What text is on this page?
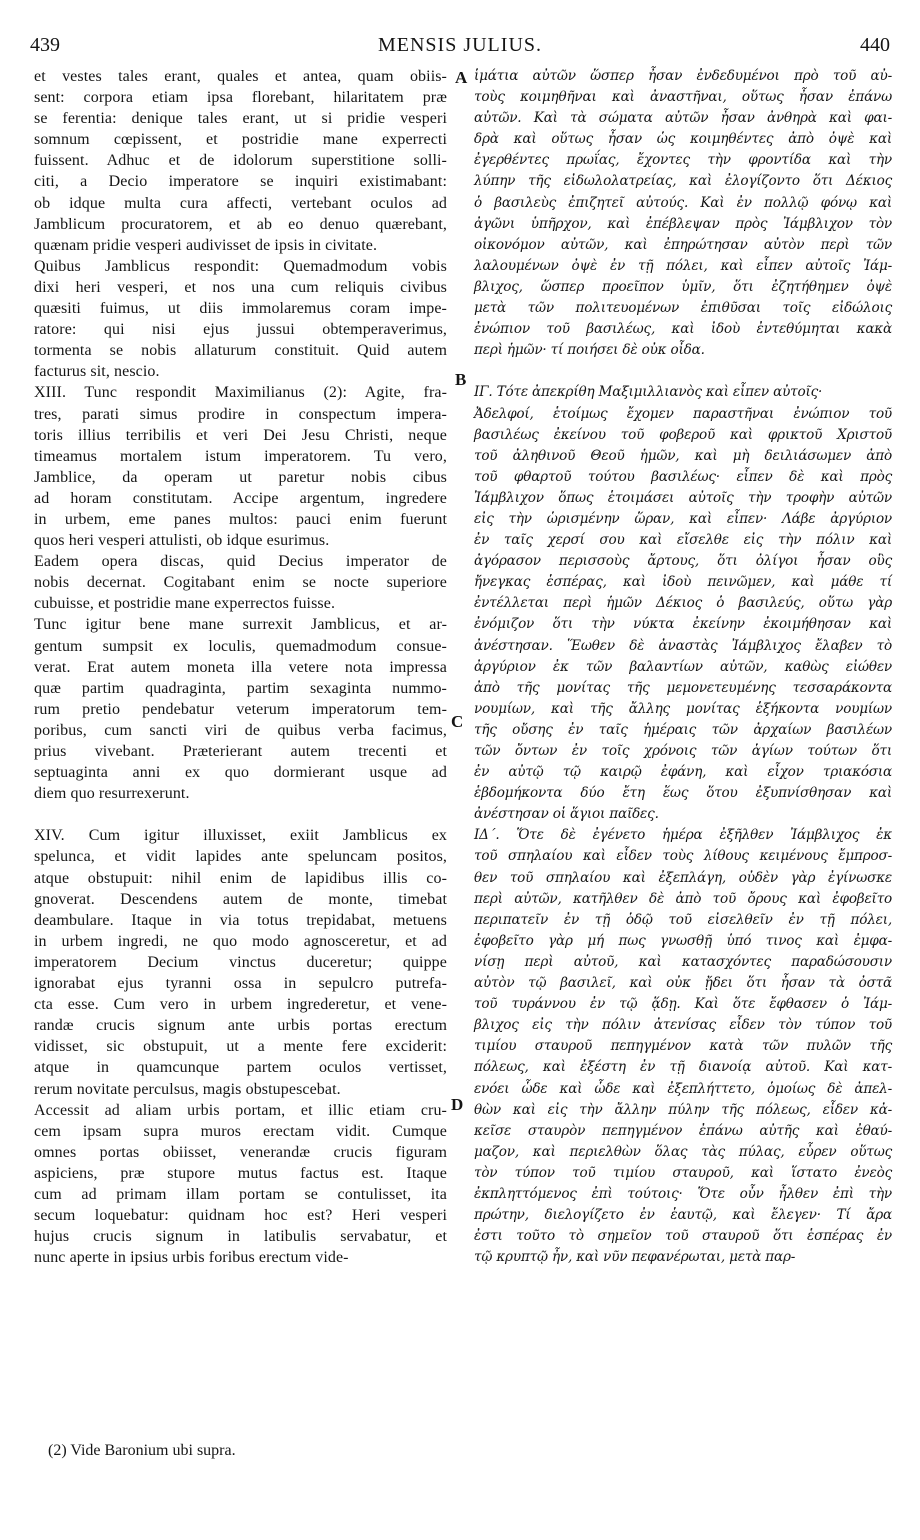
439	MENSIS JULIUS.	440
et vestes tales erant, quales et antea, quam obiis-
sent: corpora etiam ipsa florebant, hilaritatem præ
se ferentia: denique tales erant, ut si pridie vesperi
somnum cœpissent, et postridie mane experrecti
fuissent. Adhuc et de idolorum superstitione solli-
citi, a Decio imperatore se inquiri existimabant:
ob idque multa cura affecti, vertebant oculos ad
Jamblicum procuratorem, et ab eo denuo quærebant,
quænam pridie vesperi audivisset de ipsis in civitate.
Quibus Jamblicus respondit: Quemadmodum vobis
dixi heri vesperi, et nos una cum reliquis civibus
quæsiti fuimus, ut diis immolaremus coram impe-
ratore: qui nisi ejus jussui obtemperaverimus,
tormenta se nobis allaturum constituit. Quid autem
facturus sit, nescio.
XIII. Tunc respondit Maximilianus (2): Agite, fra-
tres, parati simus prodire in conspectum impera-
toris illius terribilis et veri Dei Jesu Christi, neque
timeamus mortalem istum imperatorem. Tu vero,
Jamblice, da operam ut paretur nobis cibus
ad horam constitutam. Accipe argentum, ingredere
in urbem, eme panes multos: pauci enim fuerunt
quos heri vesperi attulisti, ob idque esurimus.
Eadem opera discas, quid Decius imperator de
nobis decernat. Cogitabant enim se nocte superiore
cubuisse, et postridie mane experrectos fuisse.
Tunc igitur bene mane surrexit Jamblicus, et ar-
gentum sumpsit ex loculis, quemadmodum consue-
verat. Erat autem moneta illa vetere nota impressa
quæ partim quadraginta, partim sexaginta nummo-
rum pretio pendebatur veterum imperatorum tem-
poribus, cum sancti viri de quibus verba facimus,
prius vivebant. Præterierant autem trecenti et
septuaginta anni ex quo dormierant usque ad
diem quo resurrexerunt.
XIV. Cum igitur illuxisset, exiit Jamblicus ex
spelunca, et vidit lapides ante speluncam positos,
atque obstupuit: nihil enim de lapidibus illis co-
gnoverat. Descendens autem de monte, timebat
deambulare. Itaque in via totus trepidabat, metuens
in urbem ingredi, ne quo modo agnosceretur, et ad
imperatorem Decium vinctus duceretur; quippe
ignorabat ejus tyranni ossa in sepulcro putrefa-
cta esse. Cum vero in urbem ingrederetur, et vene-
randæ crucis signum ante urbis portas erectum
vidisset, sic obstupuit, ut a mente fere exciderit:
atque in quamcunque partem oculos vertisset,
rerum novitate perculsus, magis obstupescebat.
Accessit ad aliam urbis portam, et illic etiam cru-
cem ipsam supra muros erectam vidit. Cumque
omnes portas obiisset, venerandæ crucis figuram
aspiciens, præ stupore mutus factus est. Itaque
cum ad primam illam portam se contulisset, ita
secum loquebatur: quidnam hoc est? Heri vesperi
hujus crucis signum in latibulis servabatur, et
nunc aperte in ipsius urbis foribus erectum vide-
ἱμάτια αὐτῶν ὥσπερ ἦσαν ἐνδεδυμένοι πρὸ τοῦ αὐ-
τοὺς κοιμηθῆναι καὶ ἀναστῆναι, οὕτως ἦσαν ἐπάνω
αὐτῶν. Καὶ τὰ σώματα αὐτῶν ἦσαν ἀνθηρὰ καὶ φαι-
δρὰ καὶ οὕτως ἦσαν ὡς κοιμηθέντες ἀπὸ ὀψὲ καὶ
ἐγερθέντες πρωΐας, ἔχοντες τὴν φροντίδα καὶ τὴν
λύπην τῆς εἰδωλολατρείας, καὶ ἐλογίζοντο ὅτι Δέκιος
ὁ βασιλεὺς ἐπιζητεῖ αὐτούς. Καὶ ἐν πολλῷ φόνῳ καὶ
ἀγῶνι ὑπῆρχον, καὶ ἐπέβλεψαν πρὸς Ἰάμβλιχον τὸν
οἰκονόμον αὐτῶν, καὶ ἐπηρώτησαν αὐτὸν περὶ τῶν
λαλουμένων ὀψὲ ἐν τῇ πόλει, καὶ εἶπεν αὐτοῖς Ἰάμ-
βλιχος, ὥσπερ προεῖπον ὑμῖν, ὅτι ἐζητήθημεν ὀψὲ
μετὰ τῶν πολιτευομένων ἐπιθῦσαι τοῖς εἰδώλοις
ἐνώπιον τοῦ βασιλέως, καὶ ἰδοὺ ἐντεθύμηται κακὰ
περὶ ἡμῶν· τί ποιήσει δὲ οὐκ οἶδα.
ΙΓ. Τότε ἀπεκρίθη Μαξιμιλλιανὸς καὶ εἶπεν αὐτοῖς·
Ἀδελφοί, ἑτοίμως ἔχομεν παραστῆναι ἐνώπιον τοῦ
βασιλέως ἐκείνου τοῦ φοβεροῦ καὶ φρικτοῦ Χριστοῦ
τοῦ ἀληθινοῦ Θεοῦ ἡμῶν, καὶ μὴ δειλιάσωμεν ἀπὸ
τοῦ φθαρτοῦ τούτου βασιλέως· εἶπεν δὲ καὶ πρὸς
Ἰάμβλιχον ὅπως ἑτοιμάσει αὐτοῖς τὴν τροφὴν αὐτῶν
εἰς τὴν ὡρισμένην ὥραν, καὶ εἶπεν· Λάβε ἀργύριον
ἐν ταῖς χερσί σου καὶ εἴσελθε εἰς τὴν πόλιν καὶ
ἀγόρασον περισσοὺς ἄρτους, ὅτι ὀλίγοι ἦσαν οὓς
ἤνεγκας ἑσπέρας, καὶ ἰδοὺ πεινῶμεν, καὶ μάθε τί
ἐντέλλεται περὶ ἡμῶν Δέκιος ὁ βασιλεύς, οὕτω γὰρ
ἐνόμιζον ὅτι τὴν νύκτα ἐκείνην ἐκοιμήθησαν καὶ
ἀνέστησαν. Ἕωθεν δὲ ἀναστὰς Ἰάμβλιχος ἔλαβεν τὸ
ἀργύριον ἐκ τῶν βαλαντίων αὐτῶν, καθὼς εἰώθεν
ἀπὸ τῆς μονίτας τῆς μεμονετευμένης τεσσαράκοντα
νουμίων, καὶ τῆς ἄλλης μονίτας ἑξήκοντα νουμίων
τῆς οὔσης ἐν ταῖς ἡμέραις τῶν ἀρχαίων βασιλέων
τῶν ὄντων ἐν τοῖς χρόνοις τῶν ἁγίων τούτων ὅτι
ἐν αὐτῷ τῷ καιρῷ ἐφάνη, καὶ εἶχον τριακόσια
ἑβδομήκοντα δύο ἔτη ἕως ὅτου ἐξυπνίσθησαν καὶ
ἀνέστησαν οἱ ἅγιοι παῖδες.
ΙΔ΄. Ὅτε δὲ ἐγένετο ἡμέρα ἐξῆλθεν Ἰάμβλιχος ἐκ
τοῦ σπηλαίου καὶ εἶδεν τοὺς λίθους κειμένους ἔμπροσ-
θεν τοῦ σπηλαίου καὶ ἐξεπλάγη, οὐδὲν γὰρ ἐγίνωσκε
περὶ αὐτῶν, κατῆλθεν δὲ ἀπὸ τοῦ ὄρους καὶ ἐφοβεῖτο
περιπατεῖν ἐν τῇ ὁδῷ τοῦ εἰσελθεῖν ἐν τῇ πόλει,
ἐφοβεῖτο γὰρ μή πως γνωσθῇ ὑπό τινος καὶ ἐμφα-
νίσῃ περὶ αὐτοῦ, καὶ κατασχόντες παραδώσουσιν
αὐτὸν τῷ βασιλεῖ, καὶ οὐκ ᾔδει ὅτι ἦσαν τὰ ὀστᾶ
τοῦ τυράννου ἐν τῷ ᾅδῃ. Καὶ ὅτε ἔφθασεν ὁ Ἰάμ-
βλιχος εἰς τὴν πόλιν ἀτενίσας εἶδεν τὸν τύπον τοῦ
τιμίου σταυροῦ πεπηγμένον κατὰ τῶν πυλῶν τῆς
πόλεως, καὶ ἐξέστη ἐν τῇ διανοίᾳ αὐτοῦ. Καὶ κατ-
ενόει ὧδε καὶ ὧδε καὶ ἐξεπλήττετο, ὁμοίως δὲ ἀπελ-
θὼν καὶ εἰς τὴν ἄλλην πύλην τῆς πόλεως, εἶδεν κἀ-
κεῖσε σταυρὸν πεπηγμένον ἐπάνω αὐτῆς καὶ ἐθαύ-
μαζον, καὶ περιελθὼν ὅλας τὰς πύλας, εὗρεν οὕτως
τὸν τύπον τοῦ τιμίου σταυροῦ, καὶ ἵστατο ἐνεὸς
ἐκπληττόμενος ἐπὶ τούτοις· Ὅτε οὖν ἦλθεν ἐπὶ τὴν
πρώτην, διελογίζετο ἐν ἑαυτῷ, καὶ ἔλεγεν· Τί ἄρα
ἐστι τοῦτο τὸ σημεῖον τοῦ σταυροῦ ὅτι ἑσπέρας ἐν
τῷ κρυπτῷ ἦν, καὶ νῦν πεφανέρωται, μετὰ παρ-
A
B
C
D
(2) Vide Baronium ubi supra.
